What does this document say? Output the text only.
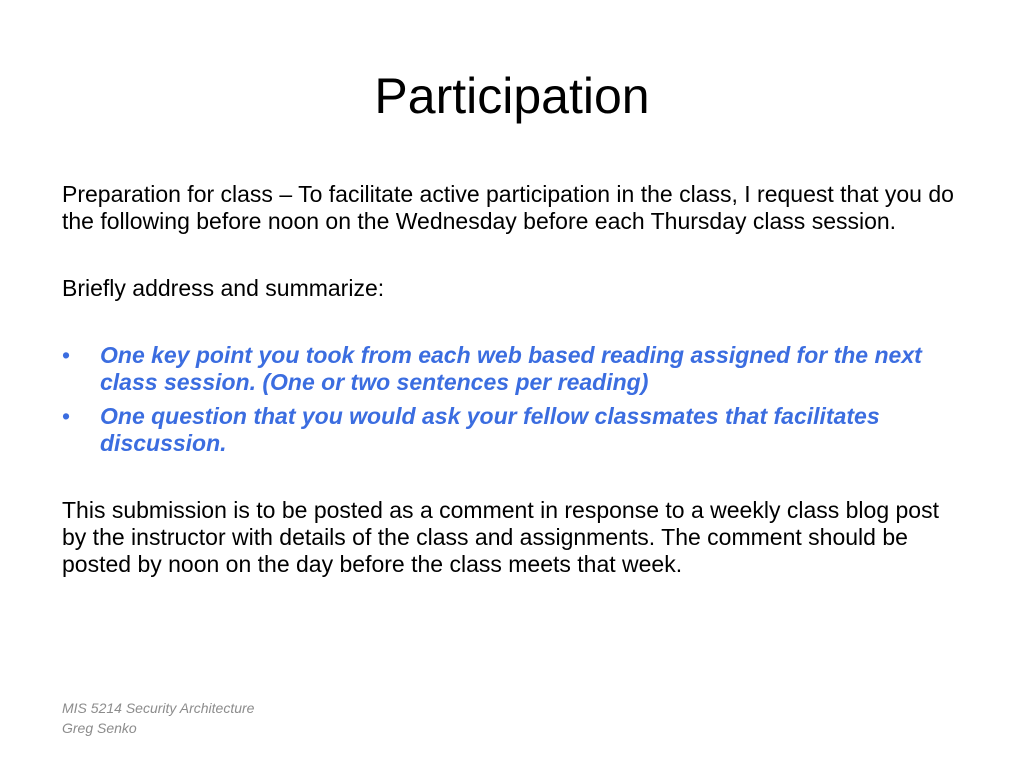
Participation

Preparation for class – To facilitate active participation in the class, I request that you do the following before noon on the Wednesday before each Thursday class session.

Briefly address and summarize:

• One key point you took from each web based reading assigned for the next class session. (One or two sentences per reading)
• One question that you would ask your fellow classmates that facilitates discussion.

This submission is to be posted as a comment in response to a weekly class blog post by the instructor with details of the class and assignments. The comment should be posted by noon on the day before the class meets that week.

MIS 5214 Security Architecture
Greg Senko
